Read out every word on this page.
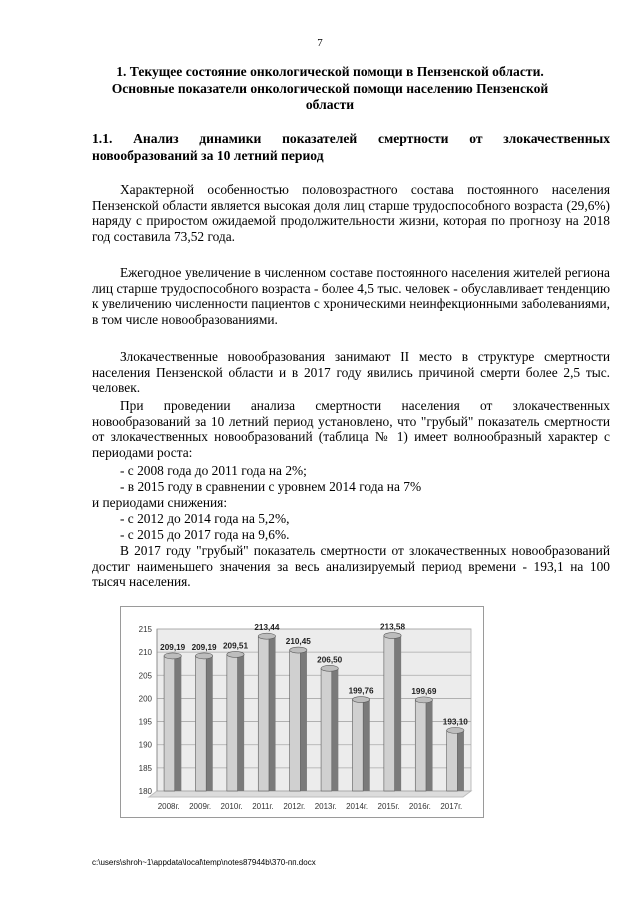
7
1. Текущее состояние онкологической помощи в Пензенской области. Основные показатели онкологической помощи населению Пензенской области
1.1. Анализ динамики показателей смертности от злокачественных новообразований за 10 летний период
Характерной особенностью половозрастного состава постоянного населения Пензенской области является высокая доля лиц старше трудоспособного возраста (29,6%) наряду с приростом ожидаемой продолжительности жизни, которая по прогнозу на 2018 год составила 73,52 года.
Ежегодное увеличение в численном составе постоянного населения жителей региона лиц старше трудоспособного возраста - более 4,5 тыс. человек - обуславливает тенденцию к увеличению численности пациентов с хроническими неинфекционными заболеваниями, в том числе новообразованиями.
Злокачественные новообразования занимают II место в структуре смертности населения Пензенской области и в 2017 году явились причиной смерти более 2,5 тыс. человек.
При проведении анализа смертности населения от злокачественных новообразований за 10 летний период установлено, что "грубый" показатель смертности от злокачественных новообразований (таблица № 1) имеет волнообразный характер с периодами роста:
- с 2008 года до 2011 года на 2%;
- в 2015 году в сравнении с уровнем 2014 года на 7%
и периодами снижения:
- с 2012 до 2014 года на 5,2%,
- с 2015 до 2017 года на 9,6%.
В 2017 году "грубый" показатель смертности от злокачественных новообразований достиг наименьшего значения за весь анализируемый период времени - 193,1 на 100 тысяч населения.
180
185
190
195
200
205
210
215
209,19
2008г.
209,19
2009г.
209,51
2010г.
213,44
2011г.
210,45
2012г.
206,50
2013г.
199,76
2014г.
213,58
2015г.
199,69
2016г.
193,10
2017г.
c:\users\shroh~1\appdata\local\temp\notes87944b\370-пп.docx
